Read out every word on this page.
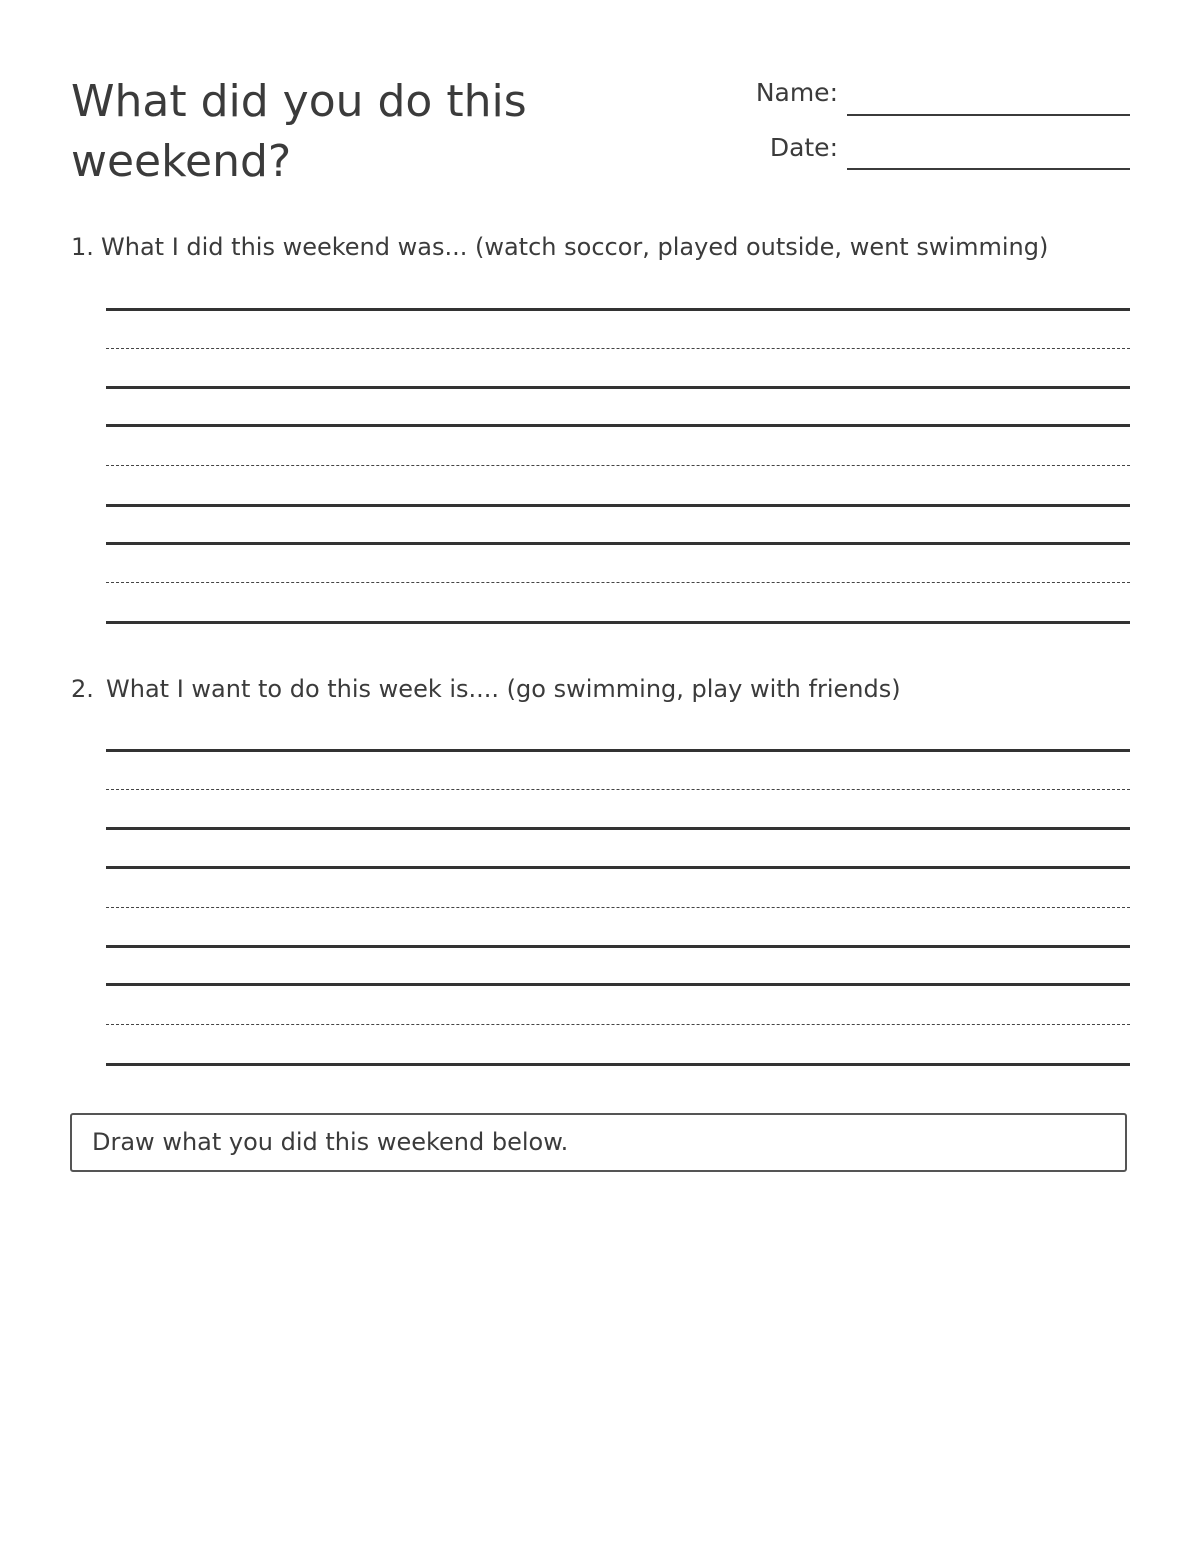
What did you do this weekend?
Name:
Date:

1. What I did this weekend was... (watch soccor, played outside, went swimming)

2. What I want to do this week is.... (go swimming, play with friends)

Draw what you did this weekend below.
